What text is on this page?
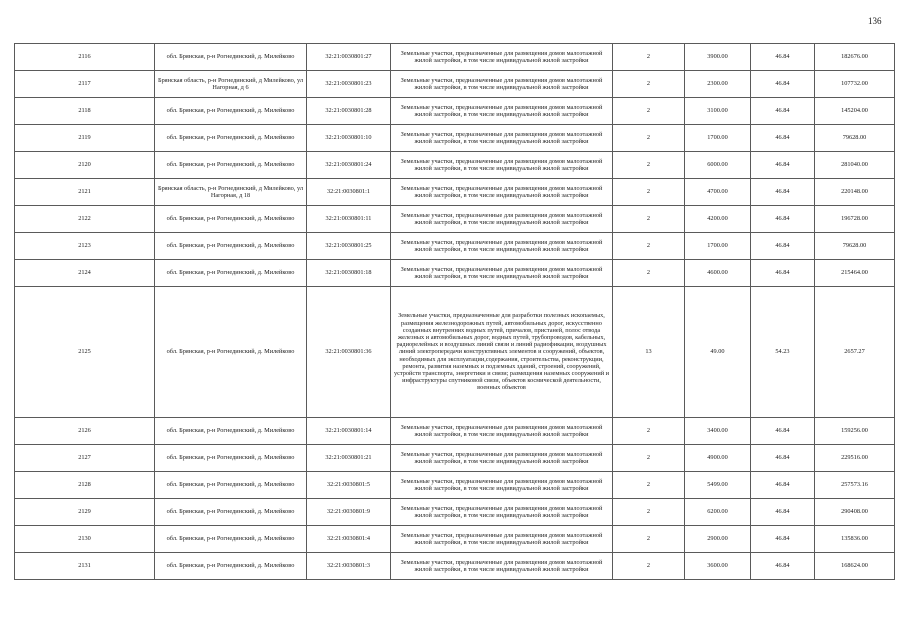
136
2116	обл. Брянская, р-н Рогнединский, д. Милейково	32:21:0030801:27	Земельные участки, предназначенные для размещения домов малоэтажной жилой застройки, в том числе индивидуальной жилой застройки	2	3900.00	46.84	182676.00
2117	Брянская область, р-н Рогнединский, д Милейково, ул Нагорная, д 6	32:21:0030801:23	Земельные участки, предназначенные для размещения домов малоэтажной жилой застройки, в том числе индивидуальной жилой застройки	2	2300.00	46.84	107732.00
2118	обл. Брянская, р-н Рогнединский, д. Милейково	32:21:0030801:28	Земельные участки, предназначенные для размещения домов малоэтажной жилой застройки, в том числе индивидуальной жилой застройки	2	3100.00	46.84	145204.00
2119	обл. Брянская, р-н Рогнединский, д. Милейково	32:21:0030801:10	Земельные участки, предназначенные для размещения домов малоэтажной жилой застройки, в том числе индивидуальной жилой застройки	2	1700.00	46.84	79628.00
2120	обл. Брянская, р-н Рогнединский, д. Милейково	32:21:0030801:24	Земельные участки, предназначенные для размещения домов малоэтажной жилой застройки, в том числе индивидуальной жилой застройки	2	6000.00	46.84	281040.00
2121	Брянская область, р-н Рогнединский, д Милейково, ул Нагорная, д 18	32:21:0030801:1	Земельные участки, предназначенные для размещения домов малоэтажной жилой застройки, в том числе индивидуальной жилой застройки	2	4700.00	46.84	220148.00
2122	обл. Брянская, р-н Рогнединский, д. Милейково	32:21:0030801:11	Земельные участки, предназначенные для размещения домов малоэтажной жилой застройки, в том числе индивидуальной жилой застройки	2	4200.00	46.84	196728.00
2123	обл. Брянская, р-н Рогнединский, д. Милейково	32:21:0030801:25	Земельные участки, предназначенные для размещения домов малоэтажной жилой застройки, в том числе индивидуальной жилой застройки	2	1700.00	46.84	79628.00
2124	обл. Брянская, р-н Рогнединский, д. Милейково	32:21:0030801:18	Земельные участки, предназначенные для размещения домов малоэтажной жилой застройки, в том числе индивидуальной жилой застройки	2	4600.00	46.84	215464.00
2125	обл. Брянская, р-н Рогнединский, д. Милейково	32:21:0030801:36	Земельные участки, предназначенные для разработки полезных ископаемых, размещения железнодорожных путей, автомобильных дорог, искусственно созданных внутренних водных путей, причалов, пристаней, полос отвода железных и автомобильных дорог, водных путей, трубопроводов, кабельных, радиорелейных и воздушных линий связи и линий радиофикации, воздушных линий электропередачи конструктивных элементов и сооружений, объектов, необходимых для эксплуатации,содержания, строительства, реконструкции, ремонта, развития наземных и подземных зданий, строений, сооружений, устройств транспорта, энергетики и связи; размещения наземных сооружений и инфраструктуры спутниковой связи, объектов космической деятельности, военных объектов	13	49.00	54.23	2657.27
2126	обл. Брянская, р-н Рогнединский, д. Милейково	32:21:0030801:14	Земельные участки, предназначенные для размещения домов малоэтажной жилой застройки, в том числе индивидуальной жилой застройки	2	3400.00	46.84	159256.00
2127	обл. Брянская, р-н Рогнединский, д. Милейково	32:21:0030801:21	Земельные участки, предназначенные для размещения домов малоэтажной жилой застройки, в том числе индивидуальной жилой застройки	2	4900.00	46.84	229516.00
2128	обл. Брянская, р-н Рогнединский, д. Милейково	32:21:0030801:5	Земельные участки, предназначенные для размещения домов малоэтажной жилой застройки, в том числе индивидуальной жилой застройки	2	5499.00	46.84	257573.16
2129	обл. Брянская, р-н Рогнединский, д. Милейково	32:21:0030801:9	Земельные участки, предназначенные для размещения домов малоэтажной жилой застройки, в том числе индивидуальной жилой застройки	2	6200.00	46.84	290408.00
2130	обл. Брянская, р-н Рогнединский, д. Милейково	32:21:0030801:4	Земельные участки, предназначенные для размещения домов малоэтажной жилой застройки, в том числе индивидуальной жилой застройки	2	2900.00	46.84	135836.00
2131	обл. Брянская, р-н Рогнединский, д. Милейково	32:21:0030801:3	Земельные участки, предназначенные для размещения домов малоэтажной жилой застройки, в том числе индивидуальной жилой застройки	2	3600.00	46.84	168624.00
